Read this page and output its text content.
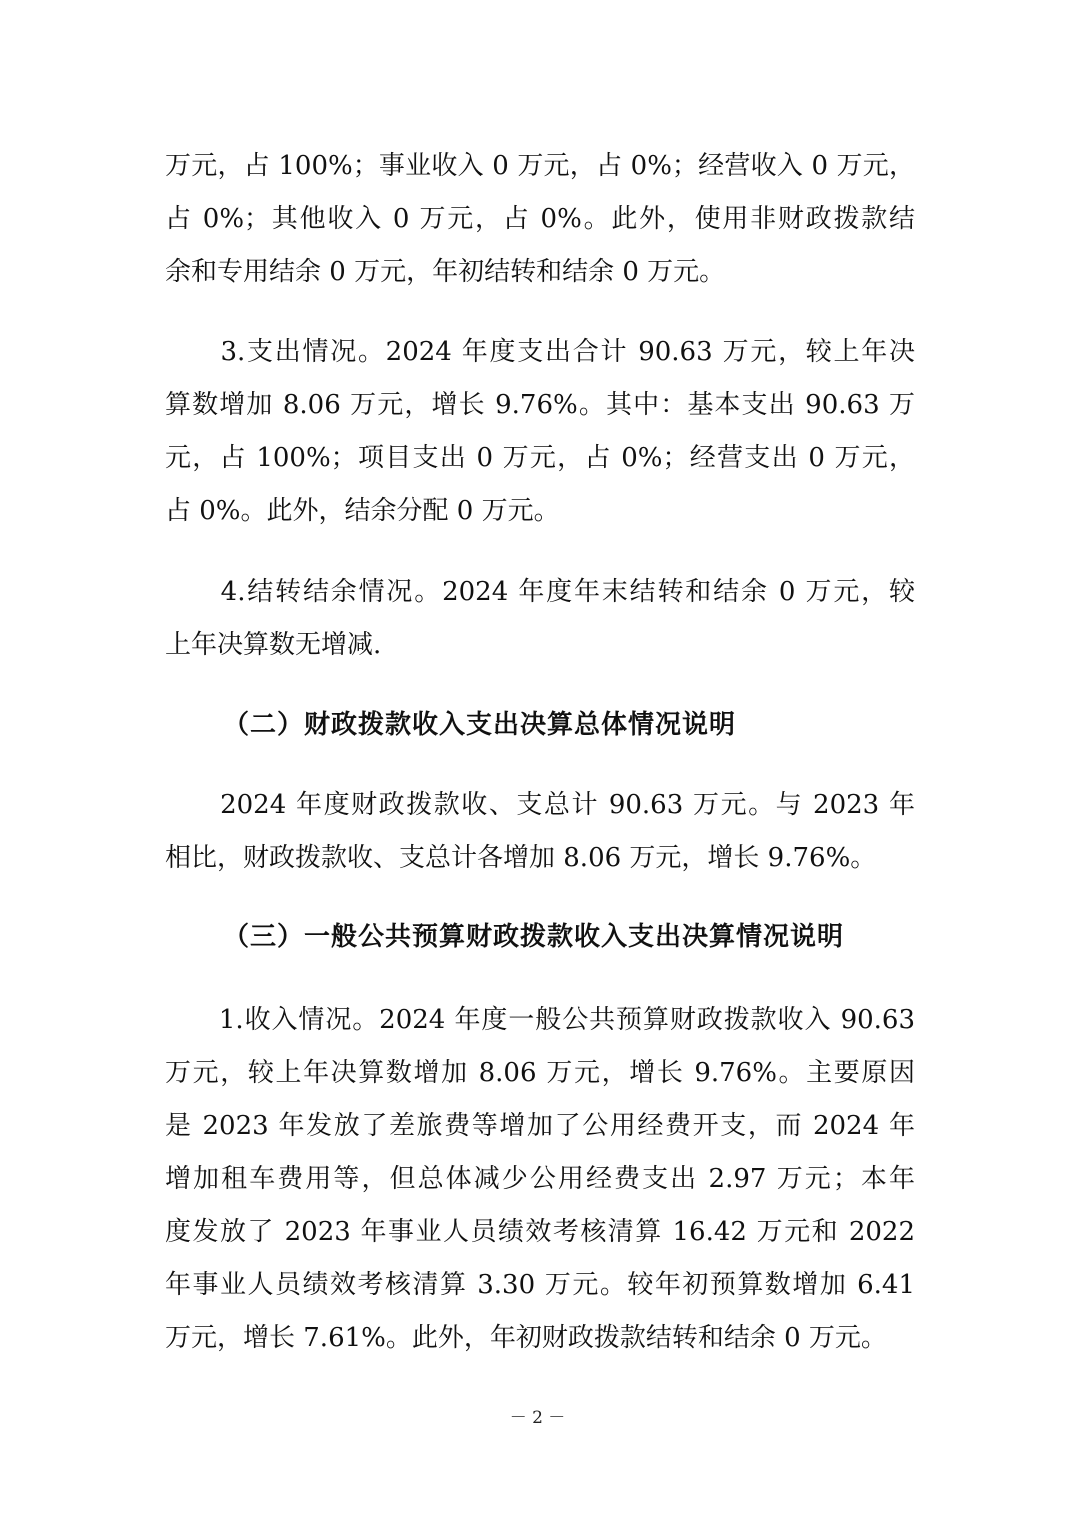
万元，占 100%；事业收入 0 万元，占 0%；经营收入 0 万元，
占 0%；其他收入 0 万元，占 0%。此外，使用非财政拨款结
余和专用结余 0 万元，年初结转和结余 0 万元。
　　3.支出情况。2024 年度支出合计 90.63 万元，较上年决
算数增加 8.06 万元，增长 9.76%。其中：基本支出 90.63 万
元，占 100%；项目支出 0 万元，占 0%；经营支出 0 万元，
占 0%。此外，结余分配 0 万元。
　　4.结转结余情况。2024 年度年末结转和结余 0 万元，较
上年决算数无增减.
（二）财政拨款收入支出决算总体情况说明
　　2024 年度财政拨款收、支总计 90.63 万元。与 2023 年
相比，财政拨款收、支总计各增加 8.06 万元，增长 9.76%。
（三）一般公共预算财政拨款收入支出决算情况说明
　　1.收入情况。2024 年度一般公共预算财政拨款收入 90.63
万元，较上年决算数增加 8.06 万元，增长 9.76%。主要原因
是 2023 年发放了差旅费等增加了公用经费开支，而 2024 年
增加租车费用等，但总体减少公用经费支出 2.97 万元；本年
度发放了 2023 年事业人员绩效考核清算 16.42 万元和 2022
年事业人员绩效考核清算 3.30 万元。较年初预算数增加 6.41
万元，增长 7.61%。此外，年初财政拨款结转和结余 0 万元。
－ 2 －
